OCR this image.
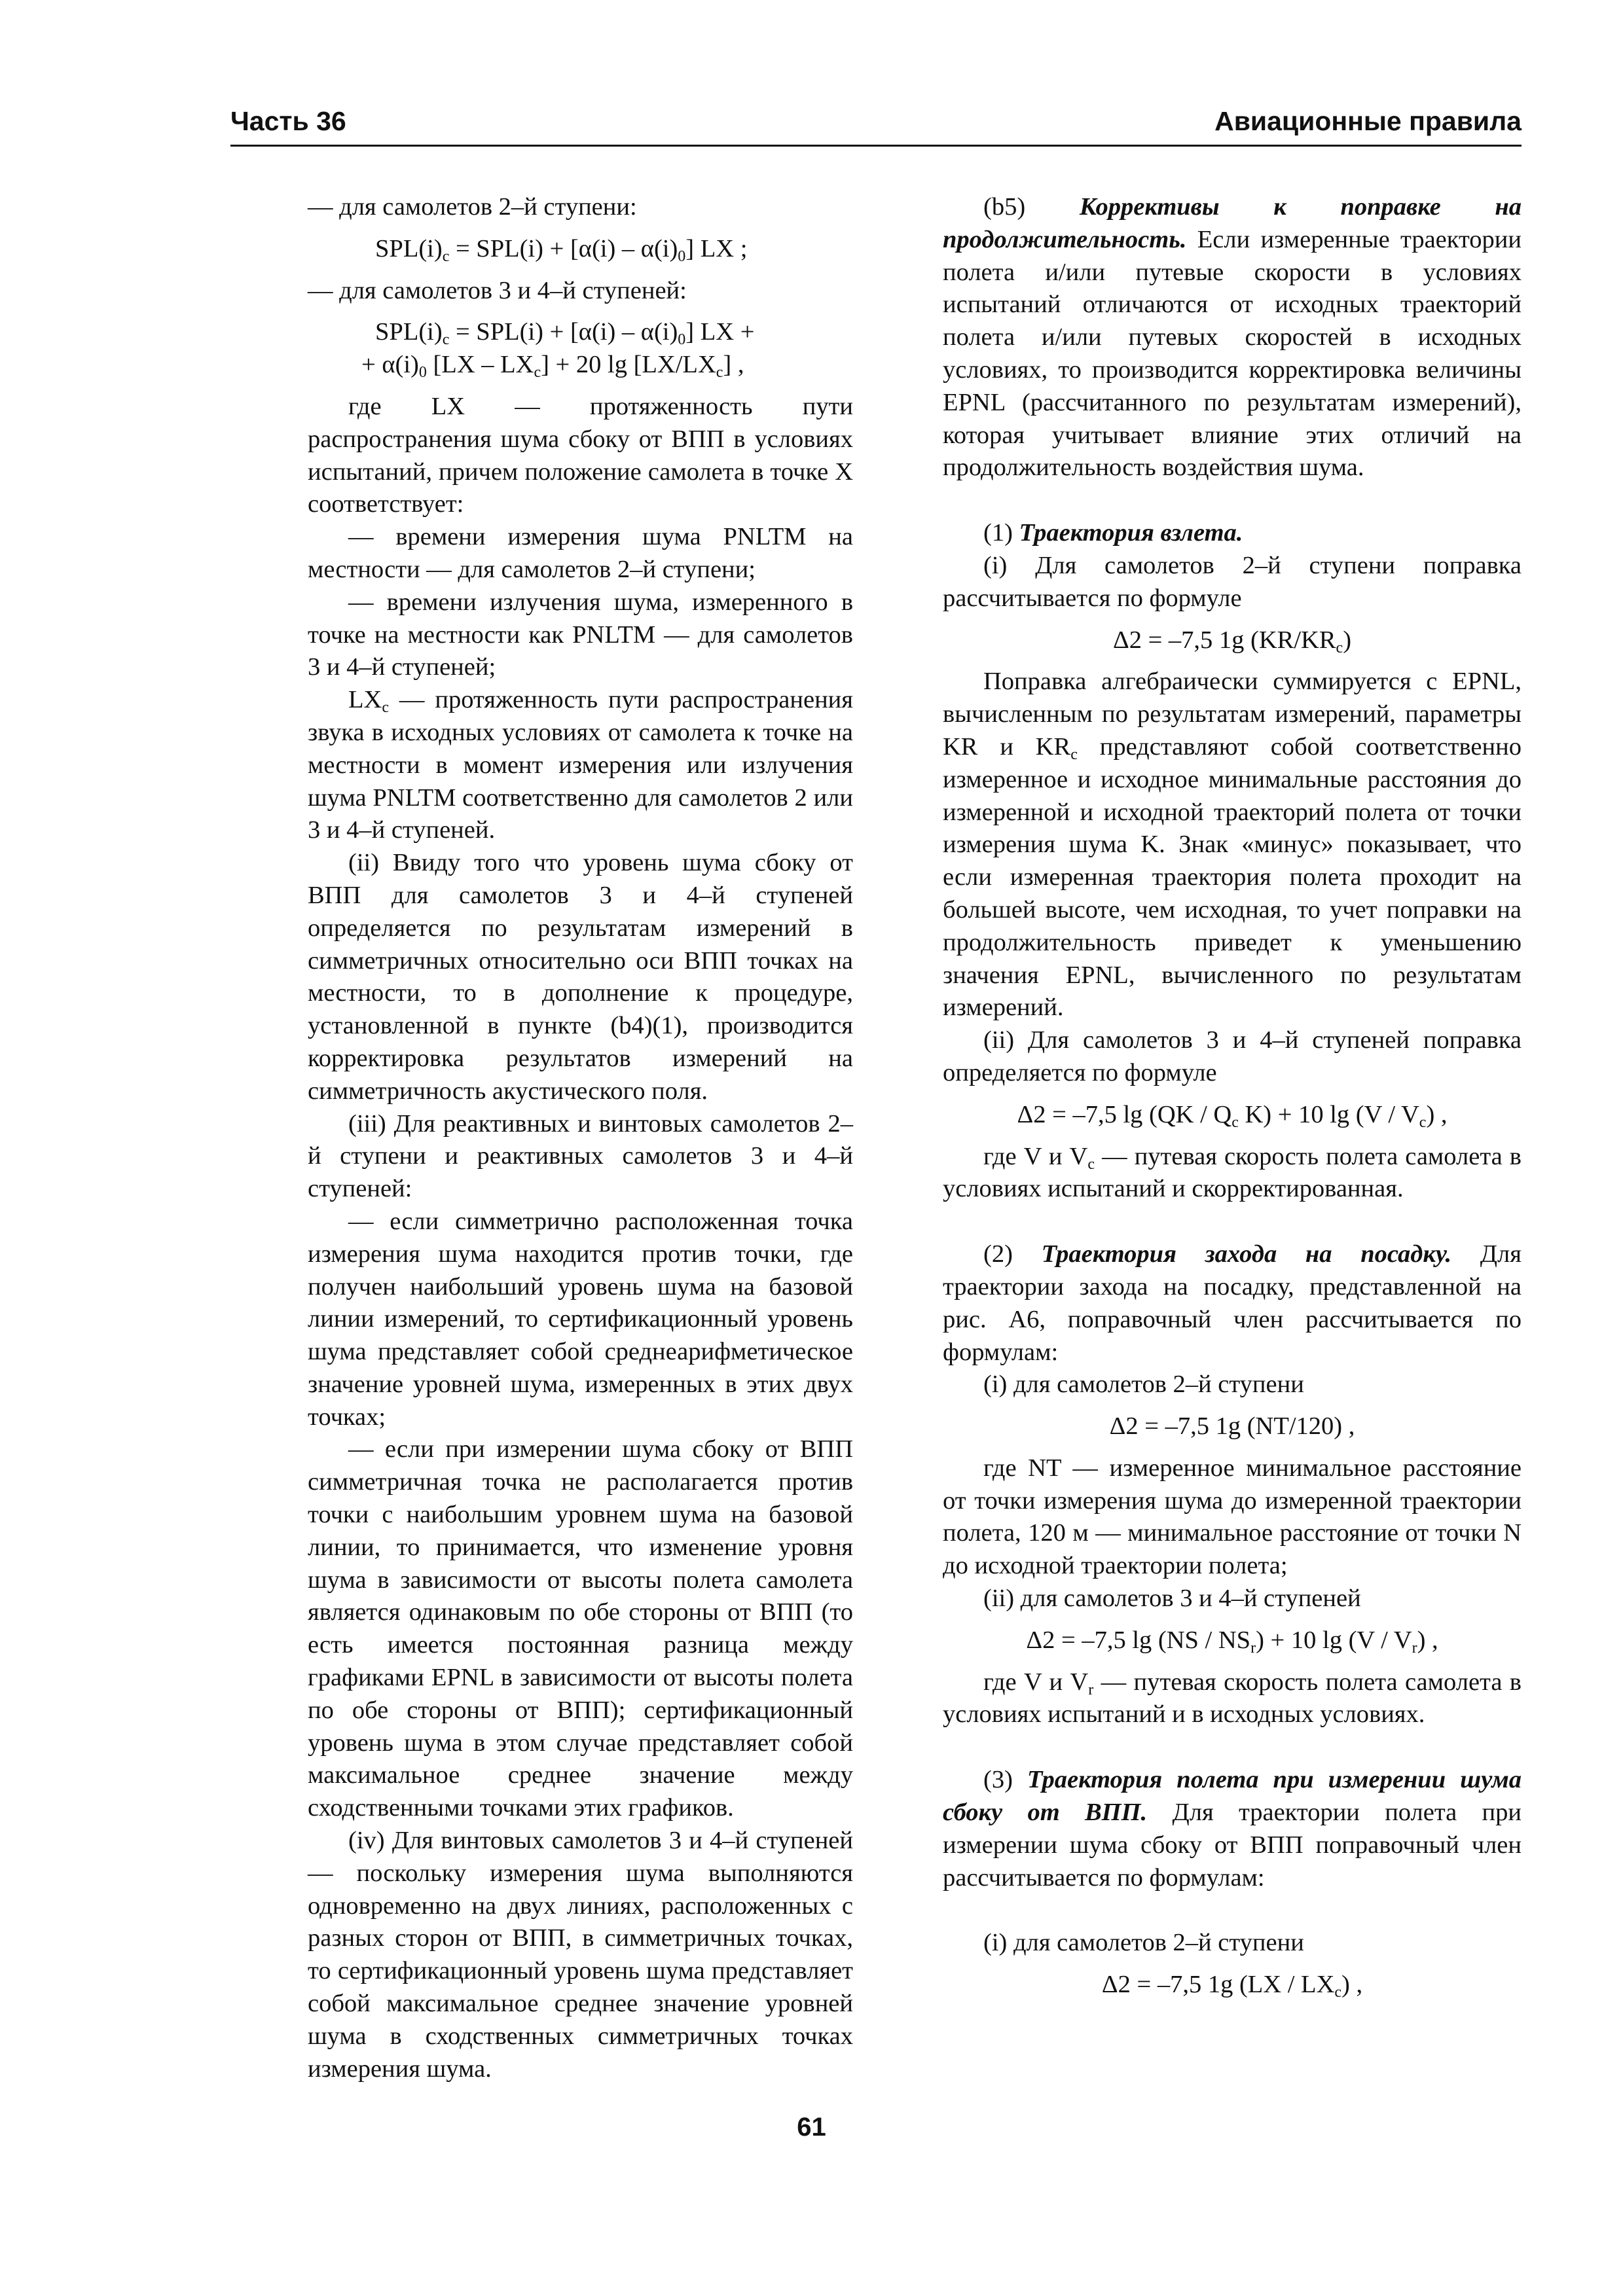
Часть 36	Авиационные правила
— для самолетов 2–й ступени:
$SPL(i)_c = SPL(i) + [\alpha(i) - \alpha(i)_0]$ LX ;
— для самолетов 3 и 4–й ступеней:
$SPL(i)_c = SPL(i) + [\alpha(i) - \alpha(i)_0]$ LX +
+ $\alpha(i)_0$ $[LX - LX_c] + 20$ $\lg [LX/LX_c]$ ,

где LX — протяженность пути распространения шума сбоку от ВПП в условиях испытаний, причем положение самолета в точке X соответствует:

— времени измерения шума PNLTM на местности — для самолетов 2–й ступени;

— времени излучения шума, измеренного в точке на местности как PNLTM — для самолетов 3 и 4–й ступеней;

$LX_c$ — протяженность пути распространения звука в исходных условиях от самолета к точке на местности в момент измерения или излучения шума PNLTM соответственно для самолетов 2 или 3 и 4–й ступеней.

(ii) Ввиду того что уровень шума сбоку от ВПП для самолетов 3 и 4–й ступеней определяется по результатам измерений в симметричных относительно оси ВПП точках на местности, то в дополнение к процедуре, установленной в пункте (b4)(1), производится корректировка результатов измерений на симметричность акустического поля.

(iii) Для реактивных и винтовых самолетов 2–й ступени и реактивных самолетов 3 и 4–й ступеней:

— если симметрично расположенная точка измерения шума находится против точки, где получен наибольший уровень шума на базовой линии измерений, то сертификационный уровень шума представляет собой среднеарифметическое значение уровней шума, измеренных в этих двух точках;

— если при измерении шума сбоку от ВПП симметричная точка не располагается против точки с наибольшим уровнем шума на базовой линии, то принимается, что изменение уровня шума в зависимости от высоты полета самолета является одинаковым по обе стороны от ВПП (то есть имеется постоянная разница между графиками EPNL в зависимости от высоты полета по обе стороны от ВПП); сертификационный уровень шума в этом случае представляет собой максимальное среднее значение между сходственными точками этих графиков.

(iv) Для винтовых самолетов 3 и 4–й ступеней — поскольку измерения шума выполняются одновременно на двух линиях, расположенных с разных сторон от ВПП, в симметричных точках, то сертификационный уровень шума представляет собой максимальное среднее значение уровней шума в сходственных симметричных точках измерения шума.

(b5) Коррективы к поправке на продолжительность. Если измеренные траектории полета и/или путевые скорости в условиях испытаний отличаются от исходных траекторий полета и/или путевых скоростей в исходных условиях, то производится корректировка величины EPNL (рассчитанного по результатам измерений), которая учитывает влияние этих отличий на продолжительность воздействия шума.

(1) Траектория взлета.

(i) Для самолетов 2–й ступени поправка рассчитывается по формуле

Δ2 = –7,5 1g $(KR/KR_c)$

Поправка алгебраически суммируется с EPNL, вычисленным по результатам измерений, параметры KR и $KR_c$ представляют собой соответственно измеренное и исходное минимальные расстояния до измеренной и исходной траекторий полета от точки измерения шума K. Знак «минус» показывает, что если измеренная траектория полета проходит на большей высоте, чем исходная, то учет поправки на продолжительность приведет к уменьшению значения EPNL, вычисленного по результатам измерений.

(ii) Для самолетов 3 и 4–й ступеней поправка определяется по формуле

Δ2 = –7,5 $\lg (QK / Q_c$ K) + 10 $\lg (V / V_c)$ ,

где V и $V_c$ — путевая скорость полета самолета в условиях испытаний и скорректированная.

(2) Траектория захода на посадку. Для траектории захода на посадку, представленной на рис. A6, поправочный член рассчитывается по формулам:

(i) для самолетов 2–й ступени

Δ2 = –7,5 1g (NT/120) ,

где NT — измеренное минимальное расстояние от точки измерения шума до измеренной траектории полета, 120 м — минимальное расстояние от точки N до исходной траектории полета;

(ii) для самолетов 3 и 4–й ступеней

Δ2 = –7,5 $\lg (NS / NS_r) + 10$ $\lg (V / V_r)$ ,

где V и $V_r$ — путевая скорость полета самолета в условиях испытаний и в исходных условиях.

(3) Траектория полета при измерении шума сбоку от ВПП. Для траектории полета при измерении шума сбоку от ВПП поправочный член рассчитывается по формулам:

(i) для самолетов 2–й ступени

Δ2 = –7,5 1g $(LX / LX_c)$ ,
61
